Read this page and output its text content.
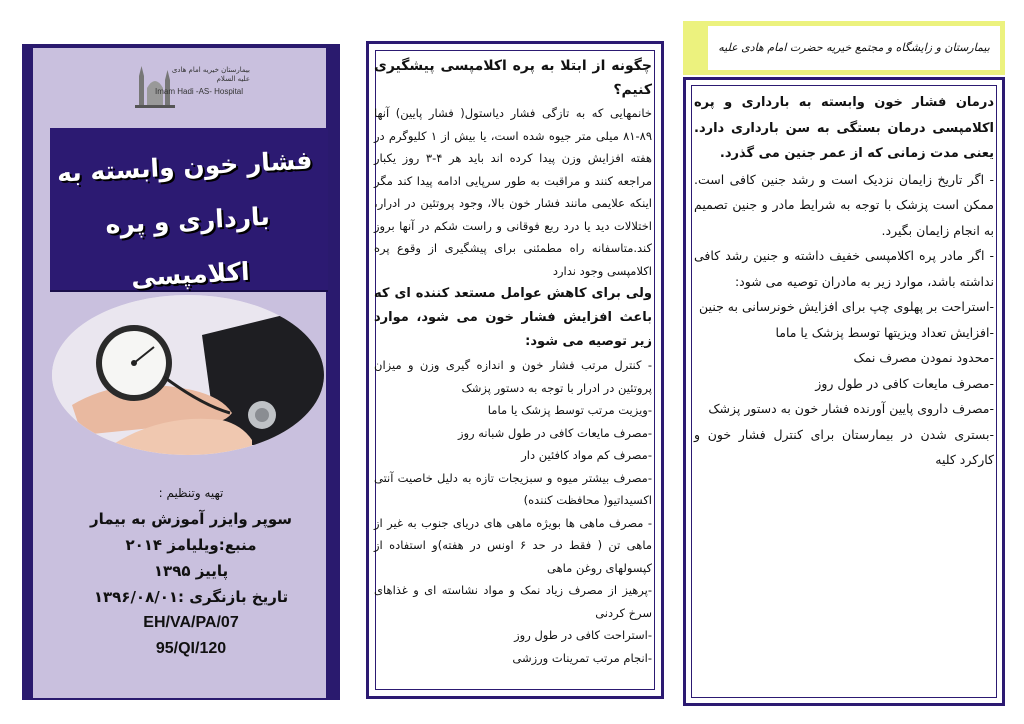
بیمارستان خیریه امام هادی علیه السلام
Imam Hadi -AS- Hospital
فشار خون وابسته به
بارداری و پره اکلامپسی
تهیه وتنظیم :
سوپر وایزر آموزش به بیمار
منبع:ویلیامز ۲۰۱۴
پاییز ۱۳۹۵
تاریخ بازنگری :۱۳۹۶/۰۸/۰۱
EH/VA/PA/07
95/QI/120
چگونه از ابتلا به پره اکلامپسی پیشگیری کنیم؟
خانمهایی که به تازگی فشار دیاستول( فشار پایین) آنها ۸۹-۸۱ میلی متر جیوه شده است، یا بیش از ۱ کلیوگرم در هفته افزایش وزن پیدا کرده اند باید هر ۴-۳ روز یکبار مراجعه کنند و مراقبت به طور سرپایی ادامه پیدا کند مگر اینکه علایمی مانند فشار خون بالا، وجود پروتئین در ادرار، اختلالات دید یا درد ربع فوقانی و راست شکم در آنها بروز کند.متاسفانه راه مطمئنی برای پیشگیری از وقوع پره اکلامپسی وجود ندارد
ولی برای کاهش عوامل مستعد کننده ای که باعث افزایش فشار خون می شود، موارد زیر توصیه می شود:
- کنترل مرتب فشار خون و اندازه گیری وزن و میزان پروتئین در ادرار با توجه به دستور پزشک
-ویزیت مرتب توسط پزشک یا ماما
-مصرف مایعات کافی در طول شبانه روز
-مصرف کم مواد کافئین دار
-مصرف بیشتر میوه و سبزیجات تازه به دلیل خاصیت آنتی اکسیداتیو( محافظت کننده)
- مصرف ماهی ها بویژه ماهی های دریای جنوب به غیر از ماهی تن ( فقط در حد ۶ اونس در هفته)و استفاده از کپسولهای روغن ماهی
-پرهیز از مصرف زیاد نمک و مواد نشاسته ای و غذاهای سرخ کردنی
-استراحت کافی در طول روز
-انجام مرتب تمرینات ورزشی
بیمارستان و زایشگاه و مجتمع خیریه حضرت امام هادی علیه
درمان فشار خون وابسته به بارداری و پره اکلامپسی درمان بستگی به سن بارداری دارد. یعنی مدت زمانی که از عمر جنین می گذرد.
- اگر تاریخ زایمان نزدیک است و رشد جنین کافی است. ممکن است پزشک با توجه به شرایط مادر و جنین تصمیم به انجام زایمان بگیرد.
- اگر مادر پره اکلامپسی خفیف داشته و جنین رشد کافی نداشته باشد، موارد زیر به مادران توصیه می شود:
-استراحت بر پهلوی چپ برای افزایش خونرسانی به جنین
-افزایش تعداد ویزیتها توسط پزشک یا ماما
-محدود نمودن مصرف نمک
-مصرف مایعات کافی در طول روز
-مصرف داروی پایین آورنده فشار خون به دستور پزشک
-بستری شدن در بیمارستان برای کنترل فشار خون و کارکرد کلیه
